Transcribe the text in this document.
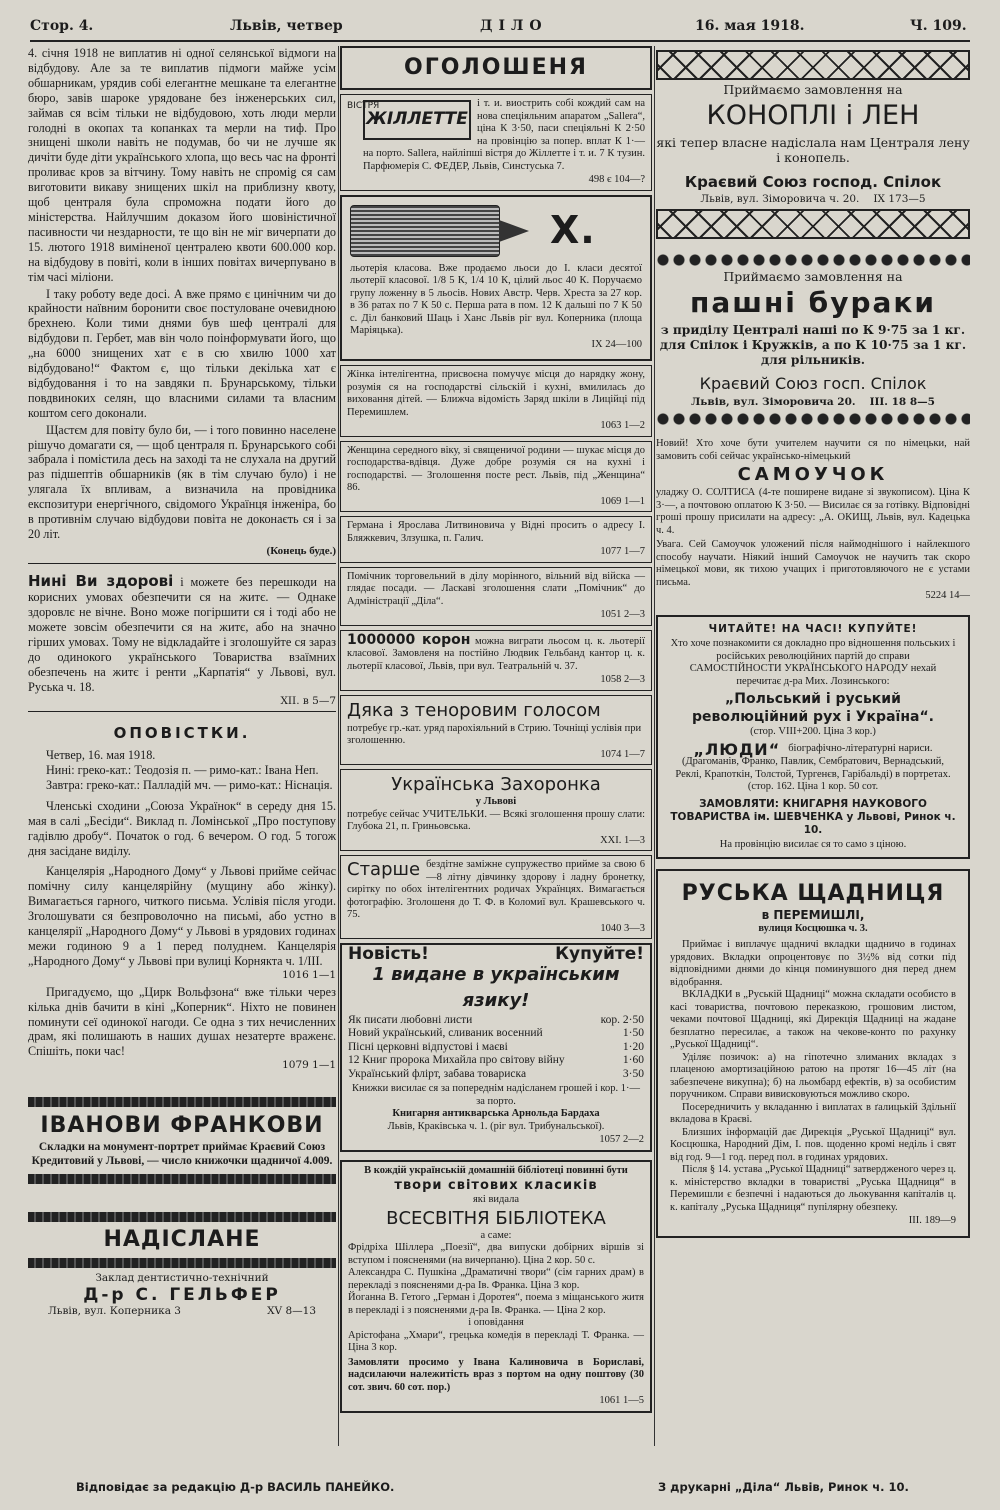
Стор. 4.	Львів, четвер	ДІЛО	16. мая 1918.	Ч. 109.

4. січня 1918 не виплатив ні одної селянської відмоги на відбудову. Але за те виплатив підмоги майже усім обшарникам, урядив собі елегантне мешкане та елегантне бюро, завів шарокe урядоване без інженерських сил, займав ся всім тільки не відбудовою, хоть люди мерли голодні в окопах та копанках та мерли на тиф. Про знищені школи навіть не подумав, бо чи не лучше як дичіти буде діти українського хлопа, що весь час на фронті проливає кров за вітчину. Тому навіть не спромig ся сам виготовити викаву знищених шкіл на приблизну квоту, щоб централя була спроможна подати його до міністерства. Найлучшим доказом його шовіністичної пасивности чи нездарности, те що він не міг вичерпати до 15. лютого 1918 виміненої централею квоти 600.000 кор. на відбудову в повіті, коли в інших повітах вичерпувано в тім часі міліони.

І таку роботу веде досі. А вже прямо є цинічним чи до крайности наївним боронити своє постуловане очевидною брехнею. Коли тими днями був шеф централі для відбудови п. Гербет, мав він чоло поінформувати його, що „на 6000 знищених хат є в сю хвилю 1000 хат відбудовано!“ Фактом є, що тільки декілька хат є відбудовання і то на завдяки п. Брунарському, тільки повдвиноких селян, що власними силами та власним коштом сего доконали.

Щастєм для повіту було би, — і того повинно населене рішучо домагати ся, — щоб централя п. Брунарського собі забрала і помістила десь на заході та не слухала на другий раз підшептів обшарників (як в тім случаю було) і не улягала їх впливам, а визначила на провідника експозитури енергічного, свідомого Українця інженіра, бо в противнім случаю відбудови повіта не доконаєть ся і за 20 літ.

(Конець буде.)

Нині Ви здорові і можете без перешкоди на корисних умовах обезпечити ся на житє. — Однаке здоровлє не вічне. Воно може погіршити ся і тоді або не можете зовсім обезпечити ся на житє, або на значно гірших умовах. Тому не відкладайте і зголошуйте ся зараз до одинокого українського Товариства взаїмних обезпечень на житє і ренти „Карпатія“ у Львові, вул. Руська ч. 18.

XII. в 5—7

ОПОВІСТКИ.

Четвер, 16. мая 1918.

Нині: греко-кат.: Теодозія п. — римо-кат.: Івана Неп.

Завтра: греко-кат.: Палладій мч. — римо-кат.: Ніснація.

Членські сходини „Союза Українок“ в середу дня 15. мая в салі „Бесіди“. Виклад п. Ломінської „Про поступову гадівлю дробу“. Початок о год. 6 вечером. О год. 5 тогож дня засідане виділу.

Канцелярія „Народного Дому“ у Львові прийме сейчас помічну силу канцелярійну (мущину або жінку). Вимагається гарного, читкого письма. Услівія після угоди. Зголошувати ся безпроволочно на письмі, або устно в канцелярії „Народного Дому“ у Львові в урядових годинах межи годиною 9 а 1 перед полуднем. Канцелярія „Народного Дому“ у Львові при вулиці Корнякта ч. 1/III.

1016 1—1

Пригадуємо, що „Цирк Вольфзона“ вже тільки через кілька днів бачити в кіні „Коперник“. Ніхто не повинен поминути сеї одинокої нагоди. Се одна з тих нечисленних драм, які полишають в наших душах незатерте враженє. Спішіть, поки час!

1079 1—1

ІВАНОВИ ФРАНКОВИ

Складки на монумент-портрет приймає Краєвий Союз Кредитовий у Львові, — число книжочки щадничої 4.009.

НАДІСЛАНЕ
Заклад дентистично-технічний
Д-р С. ГЕЛЬФЕР
Львів, вул. Коперника 3	XV 8—13
ОГОЛОШЕНЯ
ВІСТРЯ
ЖІЛЛЕТТЕ

і т. и. виострить собі кождий сам на нова спеціяльним апаратом „Sallera“, ціна К 3·50, паси спеціяльні К 2·50 на провінцію за попер. вплат К 1·— на порто. Sallera, найліпші вістря до Жіллетте і т. и. 7 К тузин. Парфюмерія С. ФЕДЕР, Львів, Синстуська 7.

498 є 104—?

X.

льотерія класова. Вже продаємо льоси до І. класи десятої льотерії класової. 1/8 5 К, 1/4 10 К, цілий льос 40 К. Поручаємо групу ложенну в 5 льосів. Нових Австр. Черв. Хреста за 27 кор. в 36 ратах по 7 К 50 с. Перша рата в пом. 12 К дальші по 7 К 50 с. Діл банковий Шаць і Ханс Львів рiг вул. Коперника (площа Маріяцька).

IX 24—100

Жінка інтелігентна, приcвоєна помучує місця до нарядку жону, розумія ся на господарстві сільскій і кухні, вмилилась до виховання дітей. — Ближча відомість Заряд шкіли в Лиційці під Перемишлем.

1063 1—2

Женщина середного віку, зі священичої родини — шукає місця до господарства-вдівця. Дуже добре розумія ся на кухні і господарстві. — Зголошення посте рест. Львів, під „Женщина“ 86.

1069 1—1

Германа і Ярослава Литвиновича у Відні просить о адресу І. Бляжкевич, Злзушка, п. Галич.

1077 1—7

Помічник торговельний в ділу морінного, вільний від війска — глядає посади. — Ласкаві зголошення слати „Помічник“ до Адміністрації „Діла“.

1051 2—3

1000000 корон можна виграти льосом ц. к. льотерії класової. Замовленя на постійно Людвик Гельбанд кантор ц. к. льотерії класової, Львів, при вул. Театральній ч. 37.

1058 2—3

Дяка з теноровим голосом

потребує гр.-кат. уряд парохіяльний в Стрию. Точніщі услівія при зголошенню.

1074 1—7

Українська Захоронка
у Львові

потребує сейчас УЧИТЕЛЬКИ. — Всякі зголошення прошу слати: Глубока 21, п. Гриньовська.

XXI. 1—3

Старше бездітне замiжне супружество прийме за свою 6—8 літну дівчинку здорову і ладну бронетку, сирітку по обох інтелігентних родичах Українцях. Вимагається фотографію. Зголошеня до Т. Ф. в Коломиї вул. Крашевського ч. 75.

1040 3—3

Новість!	Купуйте!
1 видане в українським язику!
Як писати любовні листи	кор. 2·50
Новий український, сливаник восенний	1·50
Пісні церковні відпустові і маєві	1·20
12 Книг пророка Михайла про світову війну	1·60
Український флірт, забава товариска	3·50

Книжки висилає ся за попереднім надісланем грошей і кор. 1·— за порто.

Книгарня антикварська Арнольда Бардаха
Львів, Краківська ч. 1. (ріг вул. Трибунальської).

1057 2—2

В кождій українській домашній бібліотеці повинні бути
твори світових класиків
які видала
ВСЕСВІТНЯ БІБЛІОТЕКА
а саме:

Фрідріха Шіллера „Поезії“, два випуски добірних віршів зі вступом і поясненями (на вичерпаню). Ціна 2 кор. 50 с.

Александра С. Пушкіна „Драматичні твори“ (сім гарних драм) в перекладі з поясненями д-ра Ів. Франка. Ціна 3 кор.

Йоганна В. Гетого „Герман і Доротея“, поема з міщанського житя в перекладі і з поясненями д-ра Ів. Франка. — Ціна 2 кор.

і оповідання

Арістофана „Хмари“, грецька комедія в перекладі Т. Франка. — Ціна 3 кор.

Замовляти просимо у Івана Калиновича в Бориславі, надсилаючи належитість враз з портом на одну поштову (30 сот. звич. 60 сот. пор.)

1061 1—5

Приймаємо замовлення на
КОНОПЛІ і ЛЕН

які тепер власне надіслала нам Централя лену і конопель.

Краєвий Союз господ. Спілок
Львів, вул. Зіморовича ч. 20. IX 173—5
Приймаємо замовлення на
пашні бураки

з приділу Централі наші по К 9·75 за 1 кг. для Спілок і Кружків, а по К 10·75 за 1 кг. для рільників.

Краєвий Союз госп. Спілок
Львів, вул. Зіморовича 20. III. 18 8—5

Новий! Хто хоче бути учителем научити ся по німецьки, най замовить собі сейчас українсько-німецький

САМОУЧОК

уладжу О. СОЛТИСА (4-те поширене видане зі звукописом). Ціна К 3·—, а почтовою оплатою К 3·50. — Висилає ся за готівку. Відповідні гроші прошу присилати на адресу: „А. ОКИЩ, Львів, вул. Кадецька ч. 4.

Увага. Сей Самоучок уложений після наймоднішого і найлекшого способу научати. Ніякий інший Самоучок не научить так скоро німецької мови, як тихою учащих і приготовляючого не є устами письма.

5224 14—

ЧИТАЙТЕ! НА ЧАСІ! КУПУЙТЕ!

Хто хоче познакомити ся докладно про відношення польських і російських революційних партій до справи САМОСТІЙНОСТИ УКРАЇНСЬКОГО НАРОДУ нехай перечитає д-ра Мих. Лозинського:

„Польський і руський революційний рух і Україна“.
(стор. VIII+200. Ціна 3 кор.)
„ЛЮДИ“ біографічно-літературні нариси.

(Драгоманів, Франко, Павлик, Сембратович, Вернадський, Реклі, Крапоткін, Толстой, Тургенєв, Гарібальді) в портретах.

(стор. 162. Ціна 1 кор. 50 сот.

ЗАМОВЛЯТИ: КНИГАРНЯ НАУКОВОГО ТОВАРИСТВА ім. ШЕВЧЕНКА у Львові, Ринок ч. 10.

На провінцію висилає ся то само з ціною.
РУСЬКА ЩАДНИЦЯ
в ПЕРЕМИШЛІ,
вулиця Косцюшка ч. 3.

Приймає і виплачує щадничі вкладки щадничо в годинах урядових. Вкладки опроцентовує по 3½% від сотки під відповідними днями до кінця поминувшого дня перед днем відобрання.

ВКЛАДКИ в „Руській Щадниці“ можна складати особисто в касі товариства, почтовою переказкою, грошовим листом, чеками почтової Щадниці, які Дирекція Щадниці на жадане безплатно пересилає, а також на чекове-конто по рахунку „Руської Щадниці“.

Уділяє позичок: а) на гіпотечно злиманих вкладах з плаценою амортизаційною ратою на протяг 16—45 літ (на забезпечене викупна); б) на льомбард ефектів, в) за особистим поручником. Справи вивисковуються можливо скоро.

Посередничить у вкладанню і виплатах в ґалицькій Здільнії вкладова в Краєві.

Близших інформацій дає Дирекція „Руської Щадниці“ вул. Косцюшка, Народний Дім, І. пов. щоденно кромі неділь і свят від год. 9—1 год. перед пол. в годинах урядових.

Після § 14. устава „Руської Щадниці“ затвердженого через ц. к. міністерство вкладки в товаристві „Руська Щадниця“ в Перемишли є безпечні і надаються до льокування капіталів ц. к. капіталу „Руська Щадниця“ пупілярну обезпеку.

III. 189—9

Відповідає за редакцію Д-р ВАСИЛЬ ПАНЕЙКО.	З друкарні „Діла“ Львів, Ринок ч. 10.
